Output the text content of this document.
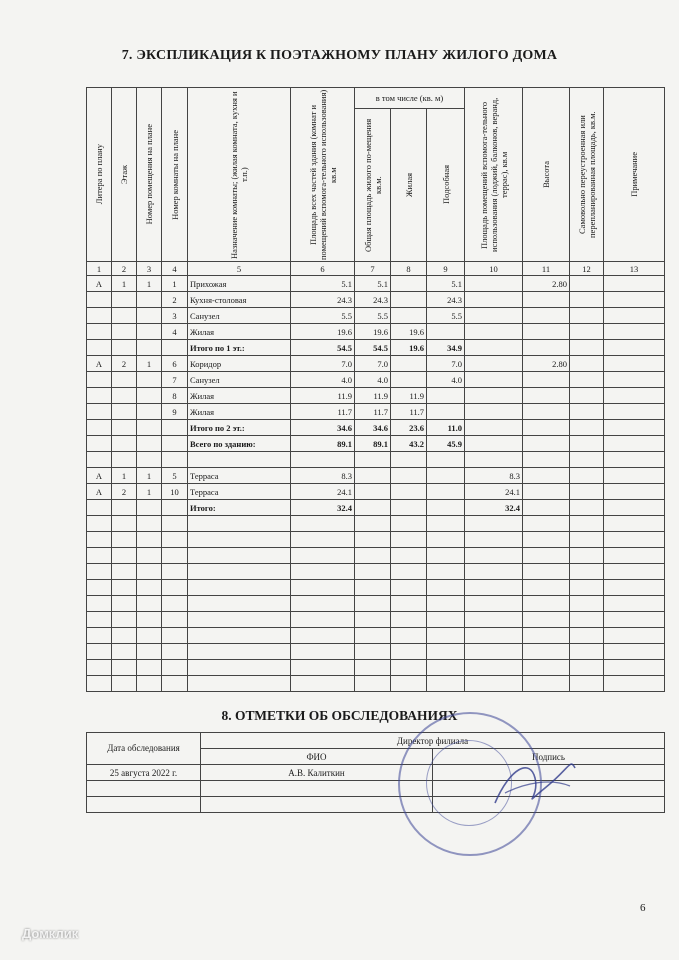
7. ЭКСПЛИКАЦИЯ К ПОЭТАЖНОМУ ПЛАНУ ЖИЛОГО ДОМА
Литера по плану	Этаж	Номер помещения на плане	Номер комнаты на плане	Назначение комнаты; (жилая комната, кухня и т.п.)	Площадь всех частей здания (комнат и помещений вспомога-тельного использования) кв.м	в том числе (кв. м)			Площадь помещений вспомога-тельного использования (лоджий, балконов, веранд, террас), кв.м	Высота	Самовольно переустроенная или перепланированная площадь, кв.м.	Примечание

						Общая площадь жилого по-мещения кв.м.	Жилая	Подсобная				

1	2	3	4	5	6	7	8	9	10	11	12	13
А	1	1	1	Прихожая	5.1	5.1		5.1		2.80		
			2	Кухня-столовая	24.3	24.3		24.3				
			3	Санузел	5.5	5.5		5.5				
			4	Жилая	19.6	19.6	19.6					
				Итого по 1 эт.:	54.5	54.5	19.6	34.9				
А	2	1	6	Коридор	7.0	7.0		7.0		2.80		
			7	Санузел	4.0	4.0		4.0				
			8	Жилая	11.9	11.9	11.9					
			9	Жилая	11.7	11.7	11.7					
				Итого по 2 эт.:	34.6	34.6	23.6	11.0				
				Всего по зданию:	89.1	89.1	43.2	45.9				

А	1	1	5	Терраса	8.3				8.3			
А	2	1	10	Терраса	24.1				24.1			
				Итого:	32.4				32.4			

8. ОТМЕТКИ ОБ ОБСЛЕДОВАНИЯХ
Дата обследования	Директор филиала	
	ФИО	Подпись
25 августа 2022 г.	А.В. Калиткин	

6
Домклик
